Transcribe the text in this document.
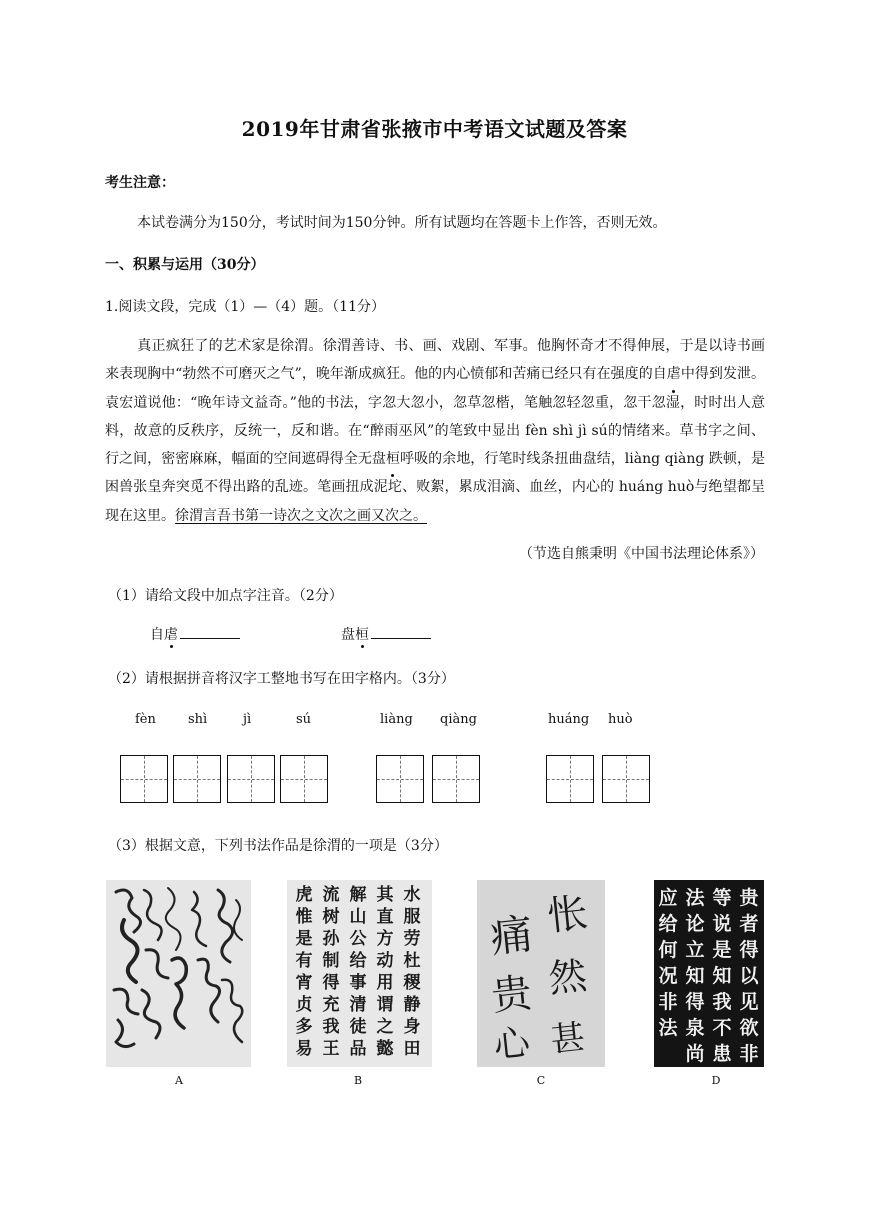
2019年甘肃省张掖市中考语文试题及答案
考生注意：
本试卷满分为150分，考试时间为150分钟。所有试题均在答题卡上作答，否则无效。
一、积累与运用（30分）
1.阅读文段，完成（1）—（4）题。（11分）

真正疯狂了的艺术家是徐渭。徐渭善诗、书、画、戏剧、军事。他胸怀奇才不得伸展，于是以诗书画来表现胸中“勃然不可磨灭之气”，晚年渐成疯狂。他的内心愤郁和苦痛已经只有在强度的自虐中得到发泄。袁宏道说他：“晚年诗文益奇。”他的书法，字忽大忽小，忽草忽楷，笔触忽轻忽重，忽干忽湿，时时出人意料，故意的反秩序，反统一，反和谐。在“醉雨巫风”的笔致中显出 fèn shì jì sú的情绪来。草书字之间、行之间，密密麻麻，幅面的空间遮碍得全无盘桓呼吸的余地，行笔时线条扭曲盘结，liàng qiàng 跌顿，是困兽张皇奔突觅不得出路的乱迹。笔画扭成泥坨、败絮，累成泪滴、血丝，内心的 huáng huò与绝望都呈现在这里。徐渭言吾书第一诗次之文次之画又次之。

（节选自熊秉明《中国书法理论体系》）
（1）请给文段中加点字注音。（2分）
自虐	盘桓
（2）请根据拼音将汉字工整地书写在田字格内。（3分）
fèn shì	jì	sú	liàng qiàng	huáng huò
（3）根据文意，下列书法作品是徐渭的一项是（3分）
A
水
服
劳
杜
稷
静
身
田
其
直
方
动
用
谓
之
懿
解
山
公
给
事
清
徒
品
流
树
孙
制
得
充
我
王
虎
惟
是
有
宵
贞
多
易
B
怅
然
甚
痛
贵
心
C
贵
者
得
以
见
欲
非
等
说
是
知
我
不
患
法
论
立
知
得
泉
尚
应
给
何
况
非
法
D
